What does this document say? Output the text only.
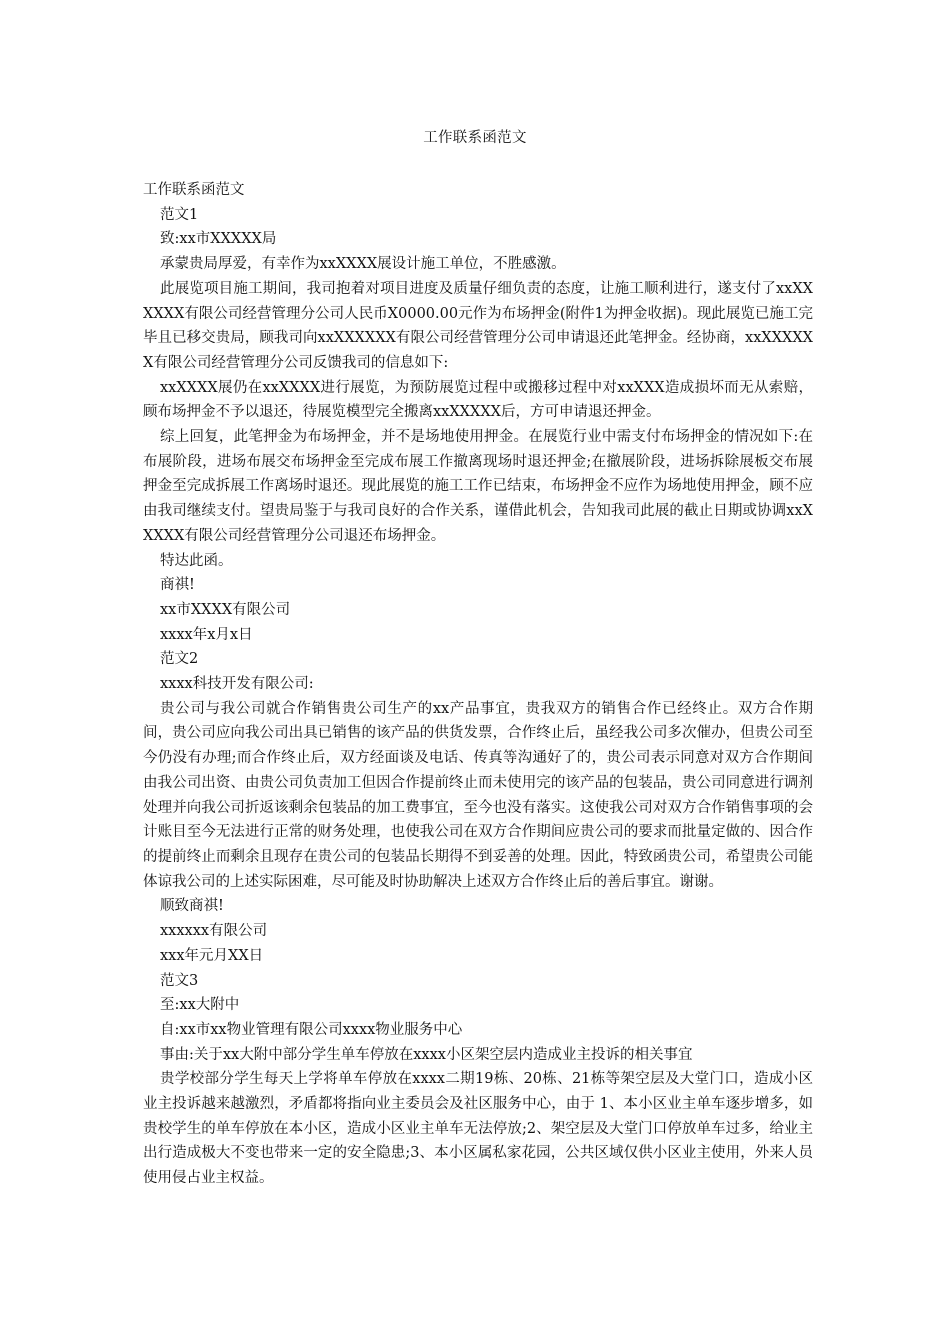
工作联系函范文

工作联系函范文

范文1

致:xx市XXXXX局

承蒙贵局厚爱，有幸作为xxXXXX展设计施工单位，不胜感激。

此展览项目施工期间，我司抱着对项目进度及质量仔细负责的态度，让施工顺利进行，遂支付了xxXXXXXX有限公司经营管理分公司人民币X0000.00元作为布场押金(附件1为押金收据)。现此展览已施工完毕且已移交贵局，顾我司向xxXXXXXX有限公司经营管理分公司申请退还此笔押金。经协商，xxXXXXXX有限公司经营管理分公司反馈我司的信息如下:

xxXXXX展仍在xxXXXX进行展览，为预防展览过程中或搬移过程中对xxXXX造成损坏而无从索赔，顾布场押金不予以退还，待展览模型完全搬离xxXXXXX后，方可申请退还押金。

综上回复，此笔押金为布场押金，并不是场地使用押金。在展览行业中需支付布场押金的情况如下:在布展阶段，进场布展交布场押金至完成布展工作撤离现场时退还押金;在撤展阶段，进场拆除展板交布展押金至完成拆展工作离场时退还。现此展览的施工工作已结束，布场押金不应作为场地使用押金，顾不应由我司继续支付。望贵局鉴于与我司良好的合作关系，谨借此机会，告知我司此展的截止日期或协调xxXXXXX有限公司经营管理分公司退还布场押金。

特达此函。

商祺!

xx市XXXX有限公司

xxxx年x月x日

范文2

xxxx科技开发有限公司:

贵公司与我公司就合作销售贵公司生产的xx产品事宜，贵我双方的销售合作已经终止。双方合作期间，贵公司应向我公司出具已销售的该产品的供货发票，合作终止后，虽经我公司多次催办，但贵公司至今仍没有办理;而合作终止后，双方经面谈及电话、传真等沟通好了的，贵公司表示同意对双方合作期间由我公司出资、由贵公司负责加工但因合作提前终止而未使用完的该产品的包装品，贵公司同意进行调剂处理并向我公司折返该剩余包装品的加工费事宜，至今也没有落实。这使我公司对双方合作销售事项的会计账目至今无法进行正常的财务处理，也使我公司在双方合作期间应贵公司的要求而批量定做的、因合作的提前终止而剩余且现存在贵公司的包装品长期得不到妥善的处理。因此，特致函贵公司，希望贵公司能体谅我公司的上述实际困难，尽可能及时协助解决上述双方合作终止后的善后事宜。谢谢。

顺致商祺!

xxxxxx有限公司

xxx年元月XX日

范文3

至:xx大附中

自:xx市xx物业管理有限公司xxxx物业服务中心

事由:关于xx大附中部分学生单车停放在xxxx小区架空层内造成业主投诉的相关事宜

贵学校部分学生每天上学将单车停放在xxxx二期19栋、20栋、21栋等架空层及大堂门口，造成小区业主投诉越来越激烈，矛盾都将指向业主委员会及社区服务中心，由于 1、本小区业主单车逐步增多，如贵校学生的单车停放在本小区，造成小区业主单车无法停放;2、架空层及大堂门口停放单车过多，给业主出行造成极大不变也带来一定的安全隐患;3、本小区属私家花园，公共区域仅供小区业主使用，外来人员使用侵占业主权益。
